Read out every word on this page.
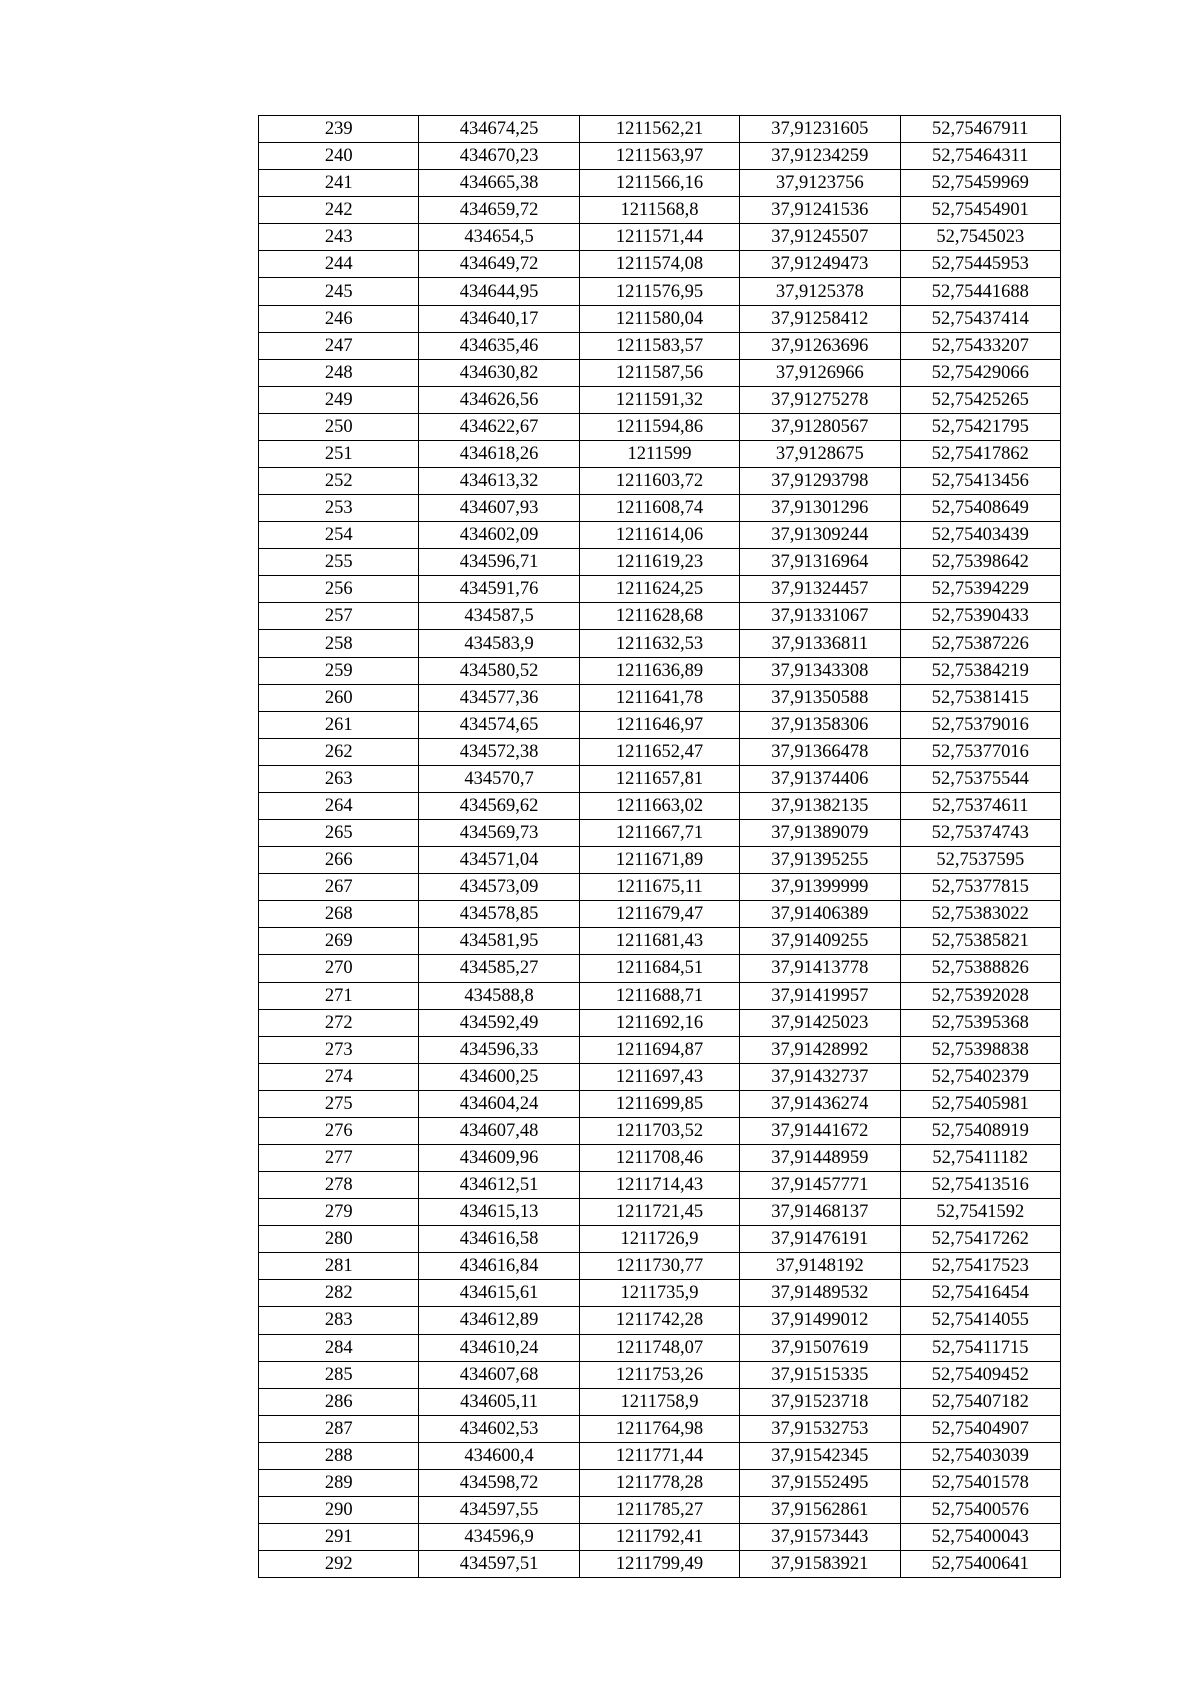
239	434674,25	1211562,21	37,91231605	52,75467911
240	434670,23	1211563,97	37,91234259	52,75464311
241	434665,38	1211566,16	37,9123756	52,75459969
242	434659,72	1211568,8	37,91241536	52,75454901
243	434654,5	1211571,44	37,91245507	52,7545023
244	434649,72	1211574,08	37,91249473	52,75445953
245	434644,95	1211576,95	37,9125378	52,75441688
246	434640,17	1211580,04	37,91258412	52,75437414
247	434635,46	1211583,57	37,91263696	52,75433207
248	434630,82	1211587,56	37,9126966	52,75429066
249	434626,56	1211591,32	37,91275278	52,75425265
250	434622,67	1211594,86	37,91280567	52,75421795
251	434618,26	1211599	37,9128675	52,75417862
252	434613,32	1211603,72	37,91293798	52,75413456
253	434607,93	1211608,74	37,91301296	52,75408649
254	434602,09	1211614,06	37,91309244	52,75403439
255	434596,71	1211619,23	37,91316964	52,75398642
256	434591,76	1211624,25	37,91324457	52,75394229
257	434587,5	1211628,68	37,91331067	52,75390433
258	434583,9	1211632,53	37,91336811	52,75387226
259	434580,52	1211636,89	37,91343308	52,75384219
260	434577,36	1211641,78	37,91350588	52,75381415
261	434574,65	1211646,97	37,91358306	52,75379016
262	434572,38	1211652,47	37,91366478	52,75377016
263	434570,7	1211657,81	37,91374406	52,75375544
264	434569,62	1211663,02	37,91382135	52,75374611
265	434569,73	1211667,71	37,91389079	52,75374743
266	434571,04	1211671,89	37,91395255	52,7537595
267	434573,09	1211675,11	37,91399999	52,75377815
268	434578,85	1211679,47	37,91406389	52,75383022
269	434581,95	1211681,43	37,91409255	52,75385821
270	434585,27	1211684,51	37,91413778	52,75388826
271	434588,8	1211688,71	37,91419957	52,75392028
272	434592,49	1211692,16	37,91425023	52,75395368
273	434596,33	1211694,87	37,91428992	52,75398838
274	434600,25	1211697,43	37,91432737	52,75402379
275	434604,24	1211699,85	37,91436274	52,75405981
276	434607,48	1211703,52	37,91441672	52,75408919
277	434609,96	1211708,46	37,91448959	52,75411182
278	434612,51	1211714,43	37,91457771	52,75413516
279	434615,13	1211721,45	37,91468137	52,7541592
280	434616,58	1211726,9	37,91476191	52,75417262
281	434616,84	1211730,77	37,9148192	52,75417523
282	434615,61	1211735,9	37,91489532	52,75416454
283	434612,89	1211742,28	37,91499012	52,75414055
284	434610,24	1211748,07	37,91507619	52,75411715
285	434607,68	1211753,26	37,91515335	52,75409452
286	434605,11	1211758,9	37,91523718	52,75407182
287	434602,53	1211764,98	37,91532753	52,75404907
288	434600,4	1211771,44	37,91542345	52,75403039
289	434598,72	1211778,28	37,91552495	52,75401578
290	434597,55	1211785,27	37,91562861	52,75400576
291	434596,9	1211792,41	37,91573443	52,75400043
292	434597,51	1211799,49	37,91583921	52,75400641
